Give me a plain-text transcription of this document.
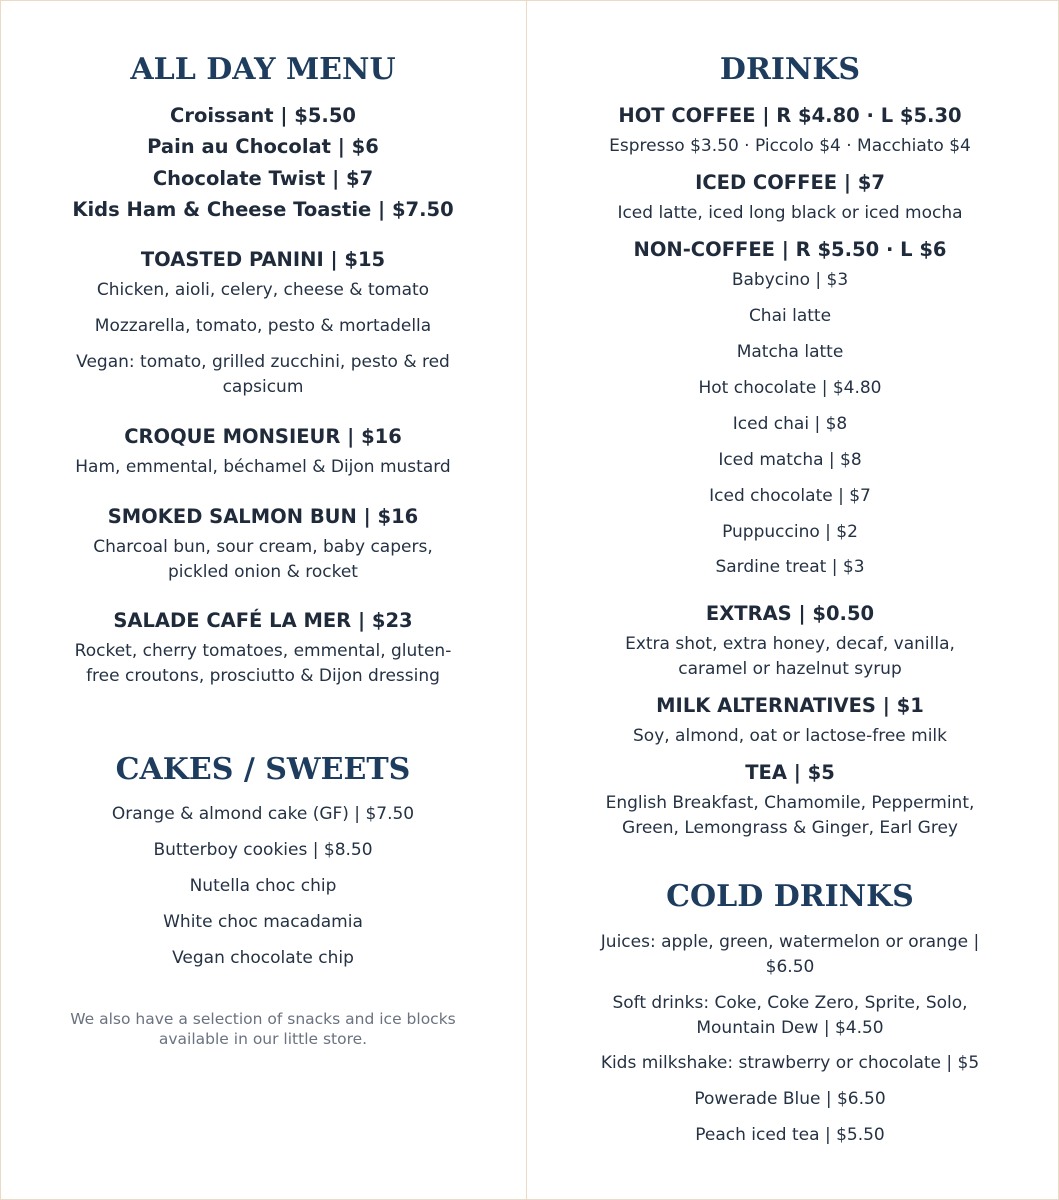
ALL DAY MENU
Croissant | $5.50
Pain au Chocolat | $6
Chocolate Twist | $7
Kids Ham & Cheese Toastie | $7.50
TOASTED PANINI | $15
Chicken, aioli, celery, cheese & tomato
Mozzarella, tomato, pesto & mortadella
Vegan: tomato, grilled zucchini, pesto & red capsicum
CROQUE MONSIEUR | $16
Ham, emmental, béchamel & Dijon mustard
SMOKED SALMON BUN | $16
Charcoal bun, sour cream, baby capers, pickled onion & rocket
SALADE CAFÉ LA MER | $23
Rocket, cherry tomatoes, emmental, gluten-free croutons, prosciutto & Dijon dressing
CAKES / SWEETS
Orange & almond cake (GF) | $7.50
Butterboy cookies | $8.50
Nutella choc chip
White choc macadamia
Vegan chocolate chip
We also have a selection of snacks and ice blocks available in our little store.
DRINKS
HOT COFFEE | R $4.80 · L $5.30
Espresso $3.50 · Piccolo $4 · Macchiato $4
ICED COFFEE | $7
Iced latte, iced long black or iced mocha
NON-COFFEE | R $5.50 · L $6
Babycino | $3
Chai latte
Matcha latte
Hot chocolate | $4.80
Iced chai | $8
Iced matcha | $8
Iced chocolate | $7
Puppuccino | $2
Sardine treat | $3
EXTRAS | $0.50
Extra shot, extra honey, decaf, vanilla, caramel or hazelnut syrup
MILK ALTERNATIVES | $1
Soy, almond, oat or lactose-free milk
TEA | $5
English Breakfast, Chamomile, Peppermint, Green, Lemongrass & Ginger, Earl Grey
COLD DRINKS
Juices: apple, green, watermelon or orange | $6.50
Soft drinks: Coke, Coke Zero, Sprite, Solo, Mountain Dew | $4.50
Kids milkshake: strawberry or chocolate | $5
Powerade Blue | $6.50
Peach iced tea | $5.50
